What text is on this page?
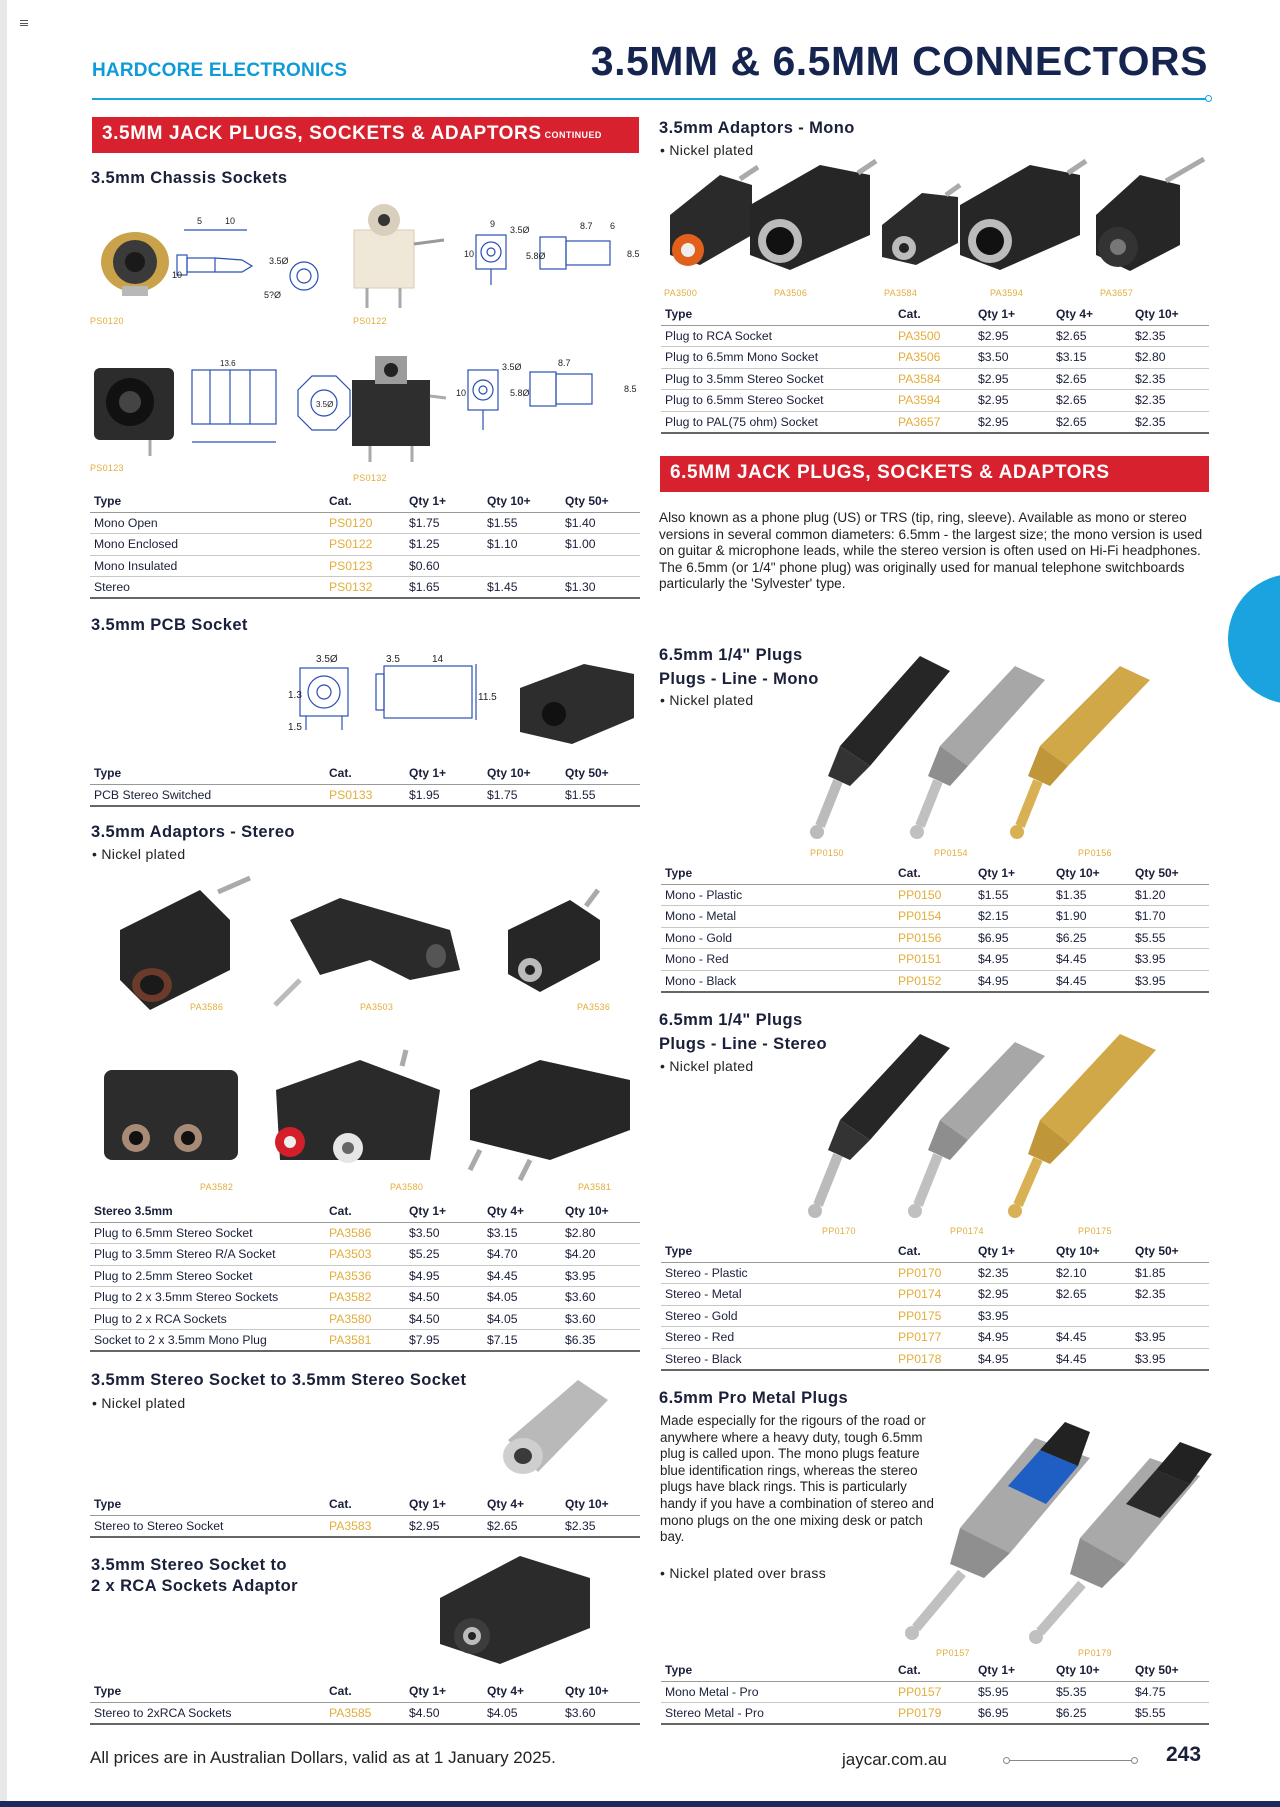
HARDCORE ELECTRONICS	3.5MM & 6.5MM CONNECTORS
3.5MM JACK PLUGS, SOCKETS & ADAPTORS CONTINUED
3.5mm Chassis Sockets
5	10
10
3.5Ø
5?Ø
9
3.5Ø
10	5.8Ø
8.7 6
8.5
PS0120	PS0122
13.6
3.5Ø
8.7
3.5Ø
5.8Ø
10	8.5
PS0123
PS0132
Type	Cat.	Qty 1+	Qty 10+	Qty 50+
Mono Open	PS0120	$1.75	$1.55	$1.40
Mono Enclosed	PS0122	$1.25	$1.10	$1.00
Mono Insulated	PS0123	$0.60		
Stereo	PS0132	$1.65	$1.45	$1.30
3.5mm PCB Socket
3.5Ø	3.5	14
1.3
1.5
11.5
Type	Cat.	Qty 1+	Qty 10+	Qty 50+
PCB Stereo Switched	PS0133	$1.95	$1.75	$1.55
3.5mm Adaptors - Stereo
• Nickel plated
PA3586	PA3503	PA3536
PA3582	PA3580	PA3581
Stereo 3.5mm	Cat.	Qty 1+	Qty 4+	Qty 10+
Plug to 6.5mm Stereo Socket	PA3586	$3.50	$3.15	$2.80
Plug to 3.5mm Stereo R/A Socket	PA3503	$5.25	$4.70	$4.20
Plug to 2.5mm Stereo Socket	PA3536	$4.95	$4.45	$3.95
Plug to 2 x 3.5mm Stereo Sockets	PA3582	$4.50	$4.05	$3.60
Plug to 2 x RCA Sockets	PA3580	$4.50	$4.05	$3.60
Socket to 2 x 3.5mm Mono Plug	PA3581	$7.95	$7.15	$6.35
3.5mm Stereo Socket to 3.5mm Stereo Socket
• Nickel plated
Type	Cat.	Qty 1+	Qty 4+	Qty 10+
Stereo to Stereo Socket	PA3583	$2.95	$2.65	$2.35
3.5mm Stereo Socket to
2 x RCA Sockets Adaptor
Type	Cat.	Qty 1+	Qty 4+	Qty 10+
Stereo to 2xRCA Sockets	PA3585	$4.50	$4.05	$3.60
3.5mm Adaptors - Mono
• Nickel plated
PA3500	PA3506	PA3584	PA3594	PA3657
Type	Cat.	Qty 1+	Qty 4+	Qty 10+
Plug to RCA Socket	PA3500	$2.95	$2.65	$2.35
Plug to 6.5mm Mono Socket	PA3506	$3.50	$3.15	$2.80
Plug to 3.5mm Stereo Socket	PA3584	$2.95	$2.65	$2.35
Plug to 6.5mm Stereo Socket	PA3594	$2.95	$2.65	$2.35
Plug to PAL(75 ohm) Socket	PA3657	$2.95	$2.65	$2.35
6.5MM JACK PLUGS, SOCKETS & ADAPTORS
Also known as a phone plug (US) or TRS (tip, ring, sleeve). Available as mono or stereo versions in several common diameters: 6.5mm - the largest size; the mono version is used on guitar & microphone leads, while the stereo version is often used on Hi-Fi headphones. The 6.5mm (or 1/4" phone plug) was originally used for manual telephone switchboards particularly the 'Sylvester' type.
6.5mm 1/4" Plugs
Plugs - Line - Mono
• Nickel plated
PP0150	PP0154	PP0156
Type	Cat.	Qty 1+	Qty 10+	Qty 50+
Mono - Plastic	PP0150	$1.55	$1.35	$1.20
Mono - Metal	PP0154	$2.15	$1.90	$1.70
Mono - Gold	PP0156	$6.95	$6.25	$5.55
Mono - Red	PP0151	$4.95	$4.45	$3.95
Mono - Black	PP0152	$4.95	$4.45	$3.95
6.5mm 1/4" Plugs
Plugs - Line - Stereo
• Nickel plated
PP0170	PP0174	PP0175
Type	Cat.	Qty 1+	Qty 10+	Qty 50+
Stereo - Plastic	PP0170	$2.35	$2.10	$1.85
Stereo - Metal	PP0174	$2.95	$2.65	$2.35
Stereo - Gold	PP0175	$3.95		
Stereo - Red	PP0177	$4.95	$4.45	$3.95
Stereo - Black	PP0178	$4.95	$4.45	$3.95
6.5mm Pro Metal Plugs
Made especially for the rigours of the road or anywhere where a heavy duty, tough 6.5mm plug is called upon. The mono plugs feature blue identification rings, whereas the stereo plugs have black rings. This is particularly handy if you have a combination of stereo and mono plugs on the one mixing desk or patch bay.
• Nickel plated over brass
PP0157	PP0179
Type	Cat.	Qty 1+	Qty 10+	Qty 50+
Mono Metal - Pro	PP0157	$5.95	$5.35	$4.75
Stereo Metal - Pro	PP0179	$6.95	$6.25	$5.55
All prices are in Australian Dollars, valid as at 1 January 2025.	jaycar.com.au	243
